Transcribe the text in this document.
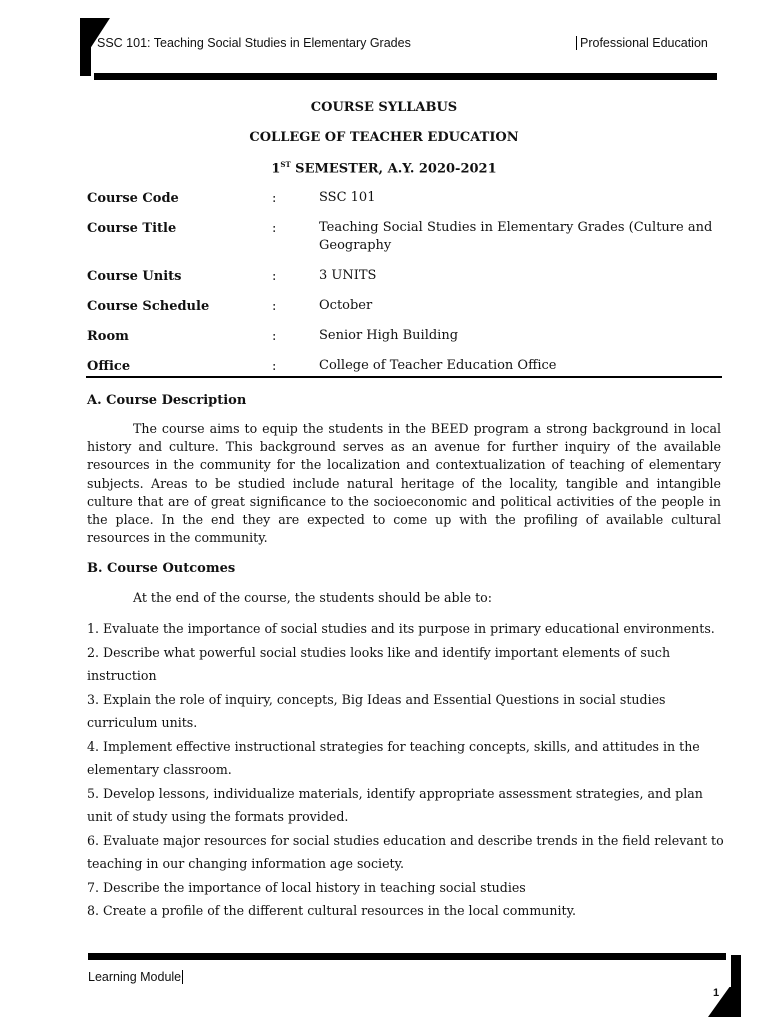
SSC 101: Teaching Social Studies in Elementary Grades	Professional Education
COURSE SYLLABUS
COLLEGE OF TEACHER EDUCATION
1ST SEMESTER, A.Y. 2020-2021
Course Code	:	SSC 101
Course Title	:	Teaching Social Studies in Elementary Grades (Culture and Geography
Course Units	:	3 UNITS
Course Schedule	:	October
Room	:	Senior High Building
Office	:	College of Teacher Education Office
A. Course Description
The course aims to equip the students in the BEED program a strong background in local history and culture. This background serves as an avenue for further inquiry of the available resources in the community for the localization and contextualization of teaching of elementary subjects. Areas to be studied include natural heritage of the locality, tangible and intangible culture that are of great significance to the socioeconomic and political activities of the people in the place. In the end they are expected to come up with the profiling of available cultural resources in the community.
B. Course Outcomes
At the end of the course, the students should be able to:
1. Evaluate the importance of social studies and its purpose in primary educational environments.
2. Describe what powerful social studies looks like and identify important elements of such instruction
3. Explain the role of inquiry, concepts, Big Ideas and Essential Questions in social studies curriculum units.
4. Implement effective instructional strategies for teaching concepts, skills, and attitudes in the elementary classroom.
5. Develop lessons, individualize materials, identify appropriate assessment strategies, and plan unit of study using the formats provided.
6. Evaluate major resources for social studies education and describe trends in the field relevant to teaching in our changing information age society.
7. Describe the importance of local history in teaching social studies
8. Create a profile of the different cultural resources in the local community.
Learning Module
1
